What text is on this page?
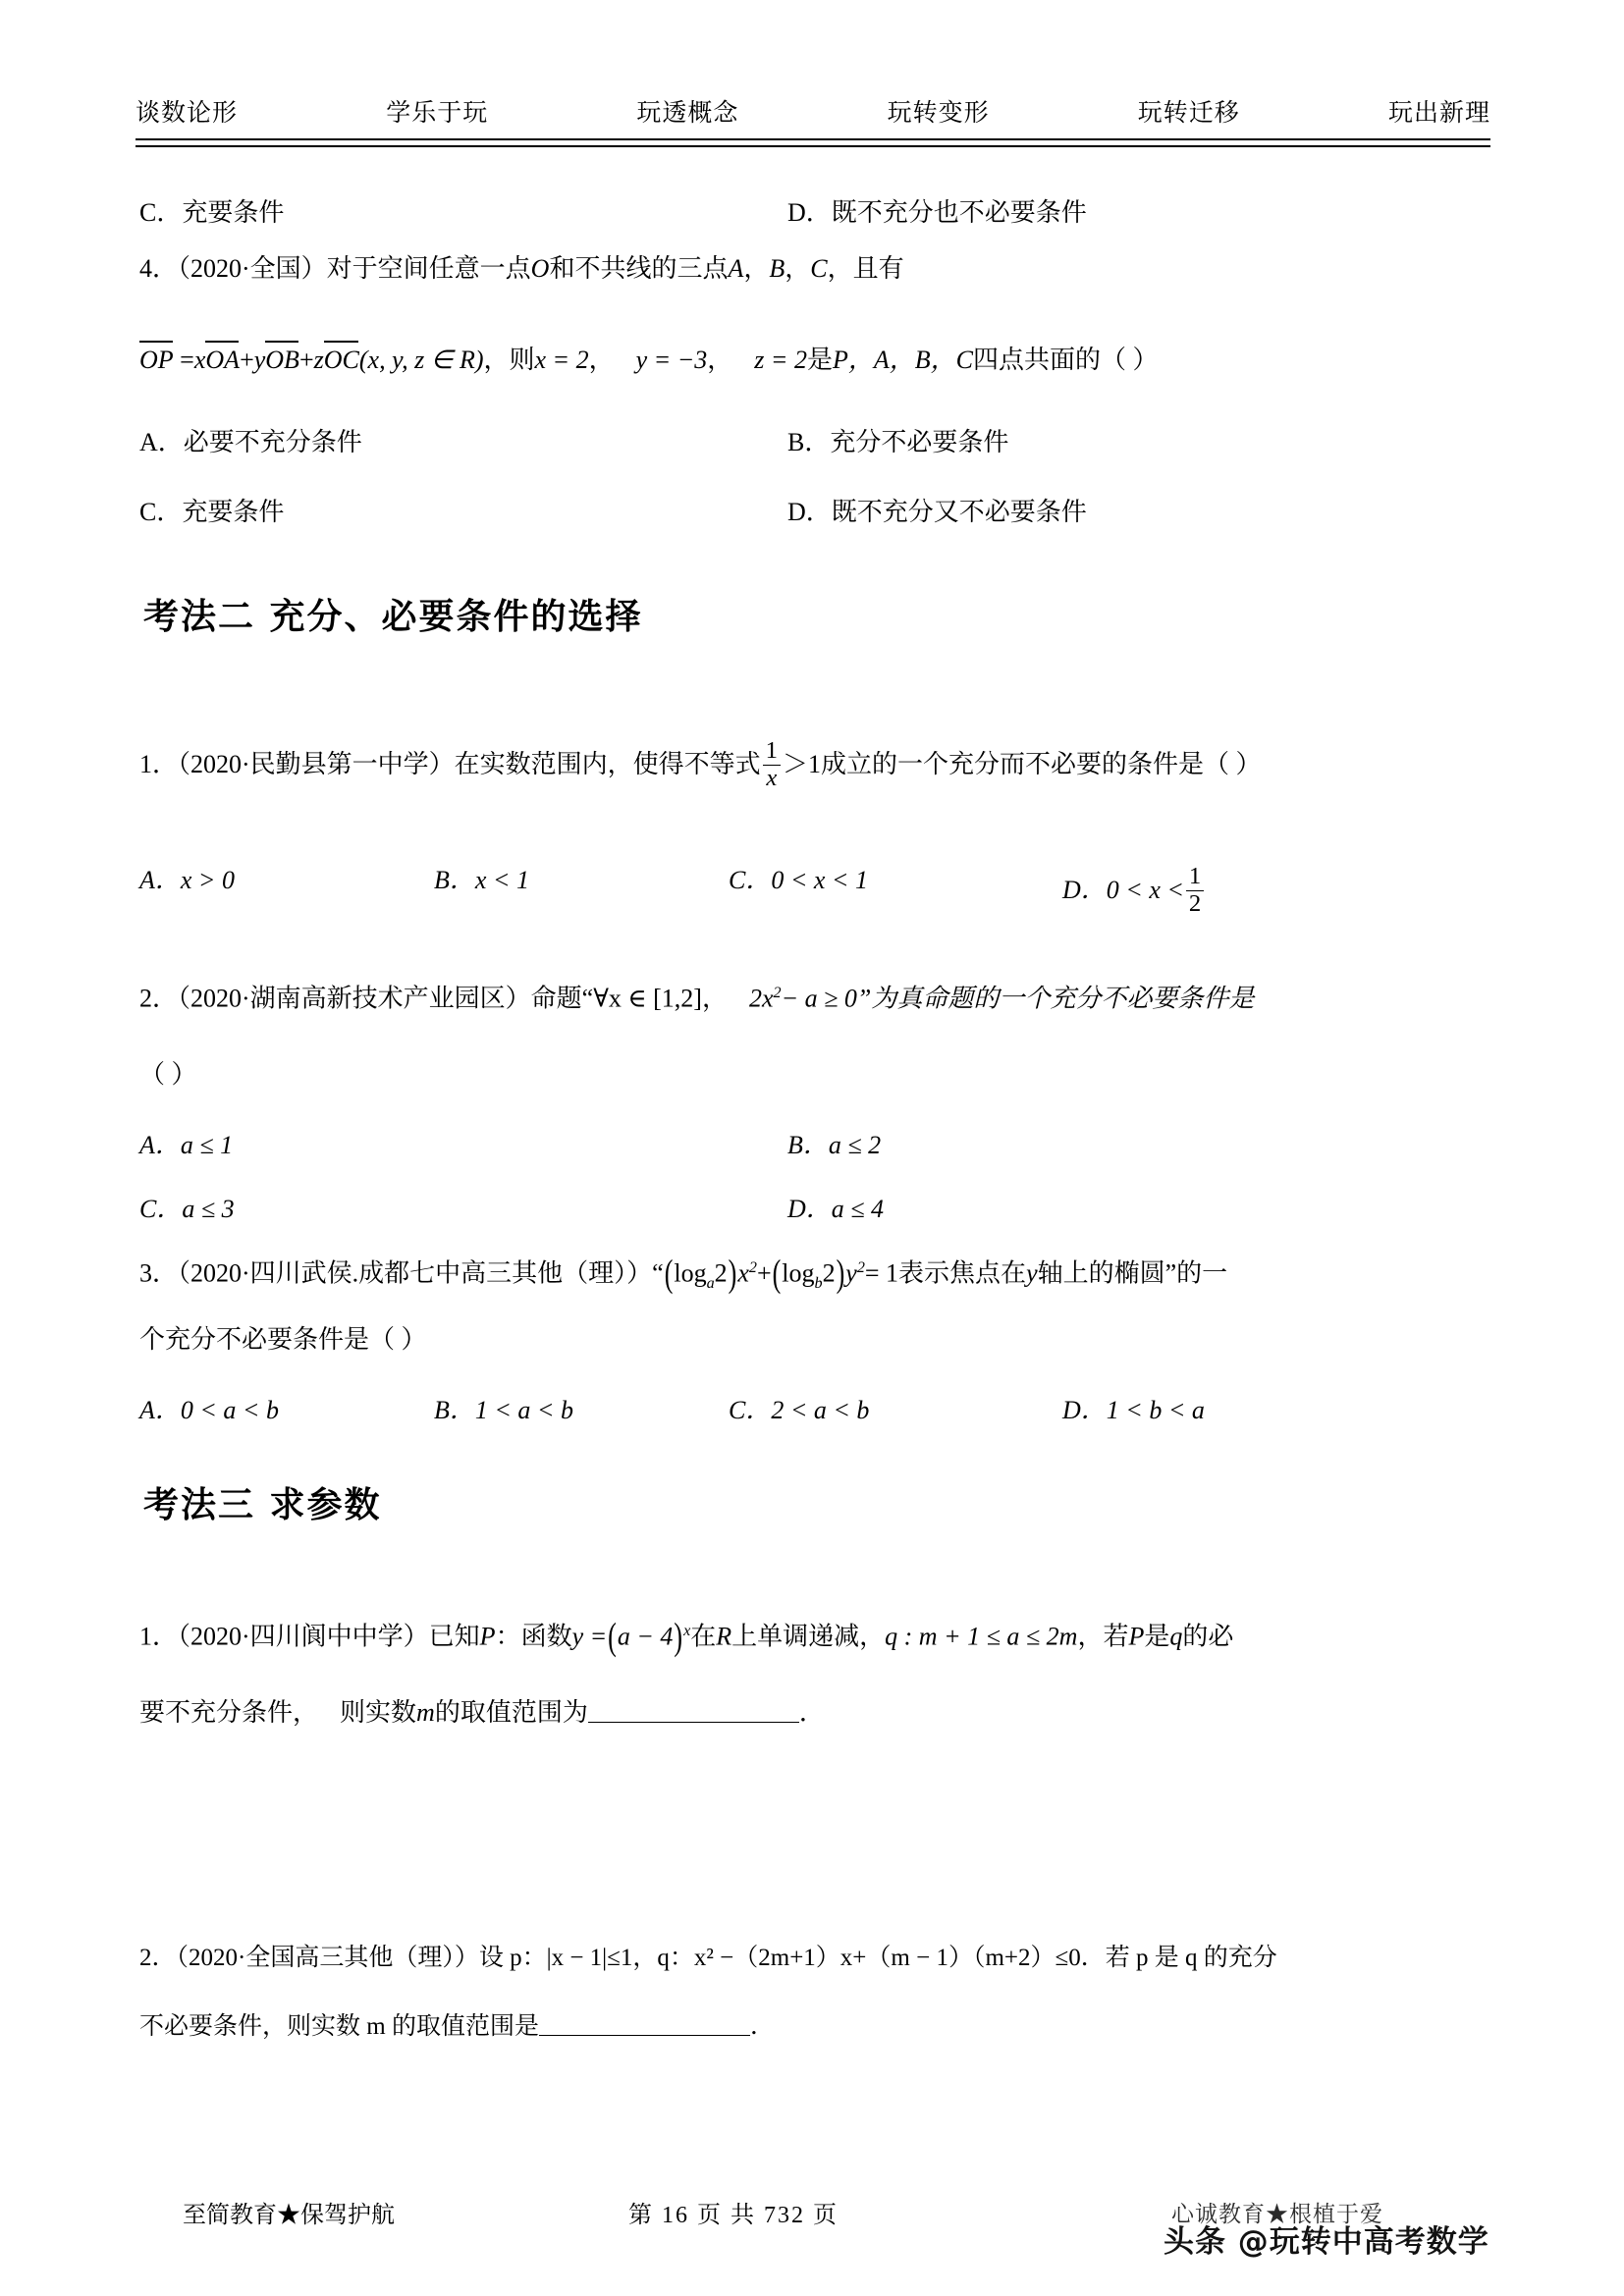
谈数论形	学乐于玩	玩透概念	玩转变形	玩转迁移	玩出新理
C．充要条件	D．既不充分也不必要条件
4．（2020·全国）对于空间任意一点O和不共线的三点A，B，C，且有
OP =xOA+yOB+zOC(x, y, z ∈ R)，则x = 2， y = −3， z = 2是P，A，B，C四点共面的（ ）
A．必要不充分条件	B．充分不必要条件
C．充要条件	D．既不充分又不必要条件
考法二 充分、必要条件的选择
1．（2020·民勤县第一中学）在实数范围内，使得不等式 $\frac{1}{x} >1$成立的一个充分而不必要的条件是（ ）
A．x > 0	B．x < 1	C．0 < x < 1	D．$0 < x < \frac{1}{2}$
2．（2020·湖南高新技术产业园区）命题“∀x ∈ [1,2]， $2x^2- a \ge 0$”为真命题的一个充分不必要条件是
（ ）
A．a ≤ 1	B．a ≤ 2
C．a ≤ 3	D．a ≤ 4
3．（2020·四川武侯.成都七中高三其他（理））“$(\log_a2)x^2+(\log_b2)y^2= 1$表示焦点在y轴上的椭圆”的一
个充分不必要条件是（ ）
A．0 < a < b	B．1 < a < b	C．2 < a < b	D．1 < b < a
考法三 求参数
1．（2020·四川阆中中学）已知P：函数$y =(a - 4)^x$在R上单调递减，q : m + 1 ≤ a ≤ 2m，若P是q的必
要不充分条件， 则实数m的取值范围为	．
2．（2020·全国高三其他（理））设 p：|x − 1|≤1，q：x² −（2m+1）x+（m − 1）（m+2）≤0．若 p 是 q 的充分
不必要条件，则实数 m 的取值范围是	．
至简教育★保驾护航	第 16 页 共 732 页	心诚教育★根植于爱
头条 @玩转中高考数学
